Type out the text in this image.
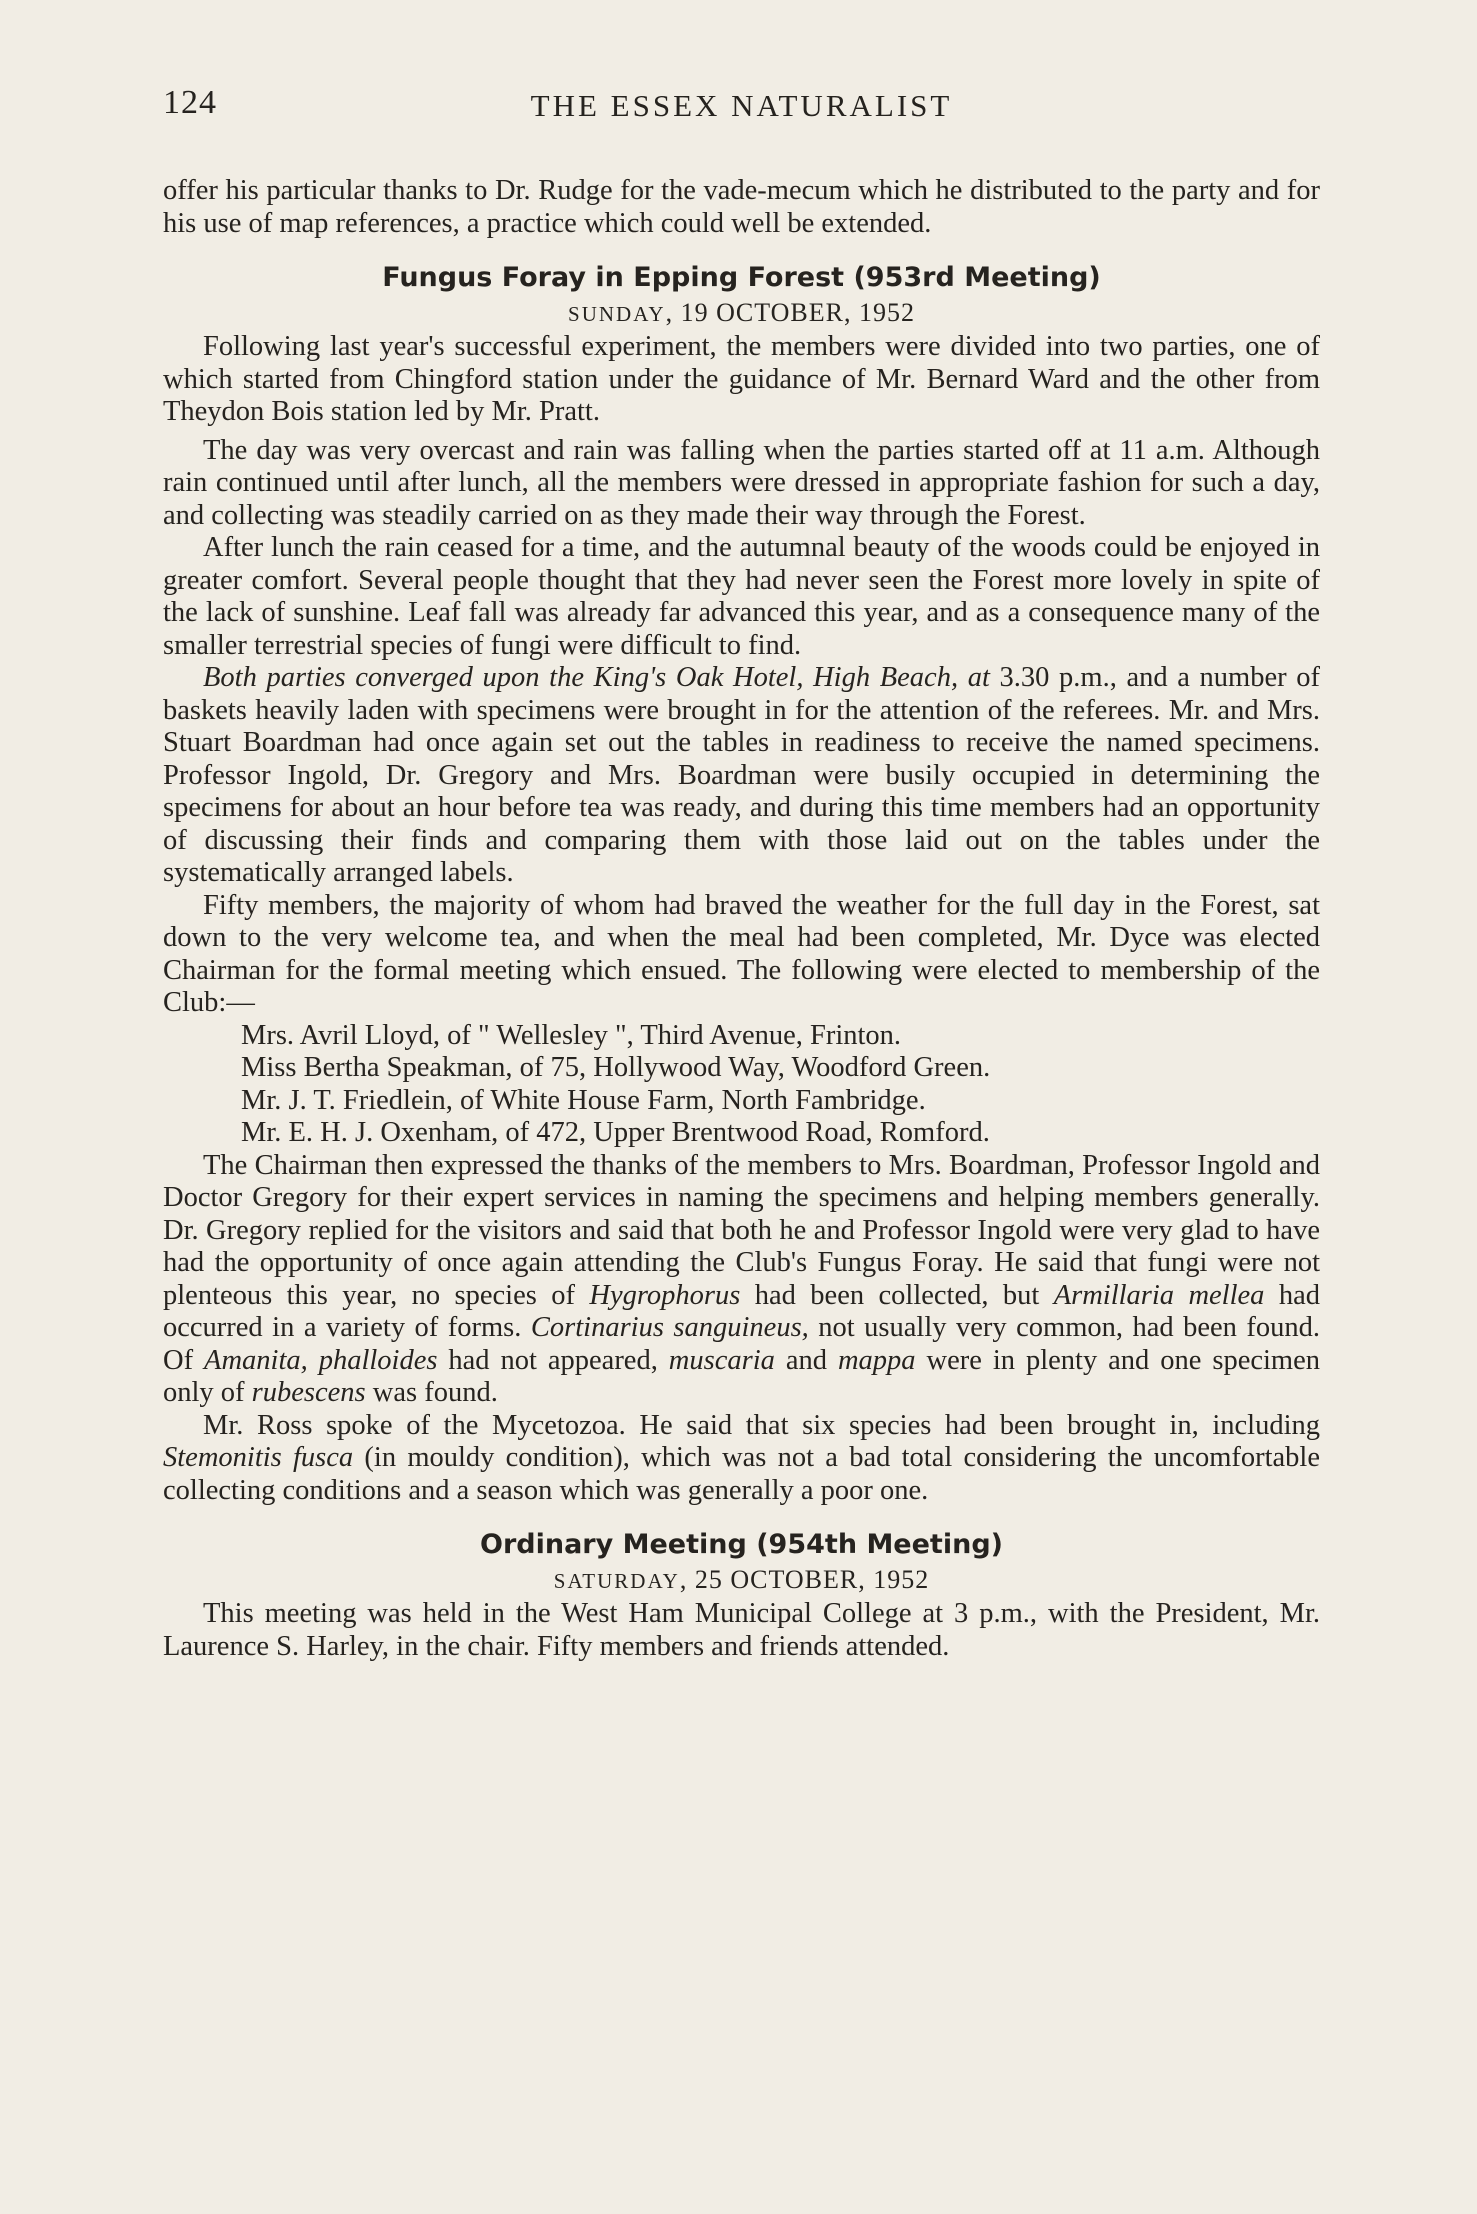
124	THE ESSEX NATURALIST

offer his particular thanks to Dr. Rudge for the vade-mecum which he distributed to the party and for his use of map references, a practice which could well be extended.

Fungus Foray in Epping Forest (953rd Meeting)
SUNDAY, 19 OCTOBER, 1952

Following last year's successful experiment, the members were divided into two parties, one of which started from Chingford station under the guidance of Mr. Bernard Ward and the other from Theydon Bois station led by Mr. Pratt.

The day was very overcast and rain was falling when the parties started off at 11 a.m. Although rain continued until after lunch, all the members were dressed in appropriate fashion for such a day, and collecting was steadily carried on as they made their way through the Forest.

After lunch the rain ceased for a time, and the autumnal beauty of the woods could be enjoyed in greater comfort. Several people thought that they had never seen the Forest more lovely in spite of the lack of sunshine. Leaf fall was already far advanced this year, and as a consequence many of the smaller terrestrial species of fungi were difficult to find.

Both parties converged upon the King's Oak Hotel, High Beach, at 3.30 p.m., and a number of baskets heavily laden with specimens were brought in for the attention of the referees. Mr. and Mrs. Stuart Boardman had once again set out the tables in readiness to receive the named specimens. Professor Ingold, Dr. Gregory and Mrs. Boardman were busily occupied in determining the specimens for about an hour before tea was ready, and during this time members had an opportunity of discussing their finds and comparing them with those laid out on the tables under the systematically arranged labels.

Fifty members, the majority of whom had braved the weather for the full day in the Forest, sat down to the very welcome tea, and when the meal had been completed, Mr. Dyce was elected Chairman for the formal meeting which ensued. The following were elected to membership of the Club:—

Mrs. Avril Lloyd, of " Wellesley ", Third Avenue, Frinton.
Miss Bertha Speakman, of 75, Hollywood Way, Woodford Green.
Mr. J. T. Friedlein, of White House Farm, North Fambridge.
Mr. E. H. J. Oxenham, of 472, Upper Brentwood Road, Romford.

The Chairman then expressed the thanks of the members to Mrs. Boardman, Professor Ingold and Doctor Gregory for their expert services in naming the specimens and helping members generally. Dr. Gregory replied for the visitors and said that both he and Professor Ingold were very glad to have had the opportunity of once again attending the Club's Fungus Foray. He said that fungi were not plenteous this year, no species of Hygrophorus had been collected, but Armillaria mellea had occurred in a variety of forms. Cortinarius sanguineus, not usually very common, had been found. Of Amanita, phalloides had not appeared, muscaria and mappa were in plenty and one specimen only of rubescens was found.

Mr. Ross spoke of the Mycetozoa. He said that six species had been brought in, including Stemonitis fusca (in mouldy condition), which was not a bad total considering the uncomfortable collecting conditions and a season which was generally a poor one.

Ordinary Meeting (954th Meeting)
SATURDAY, 25 OCTOBER, 1952

This meeting was held in the West Ham Municipal College at 3 p.m., with the President, Mr. Laurence S. Harley, in the chair. Fifty members and friends attended.
